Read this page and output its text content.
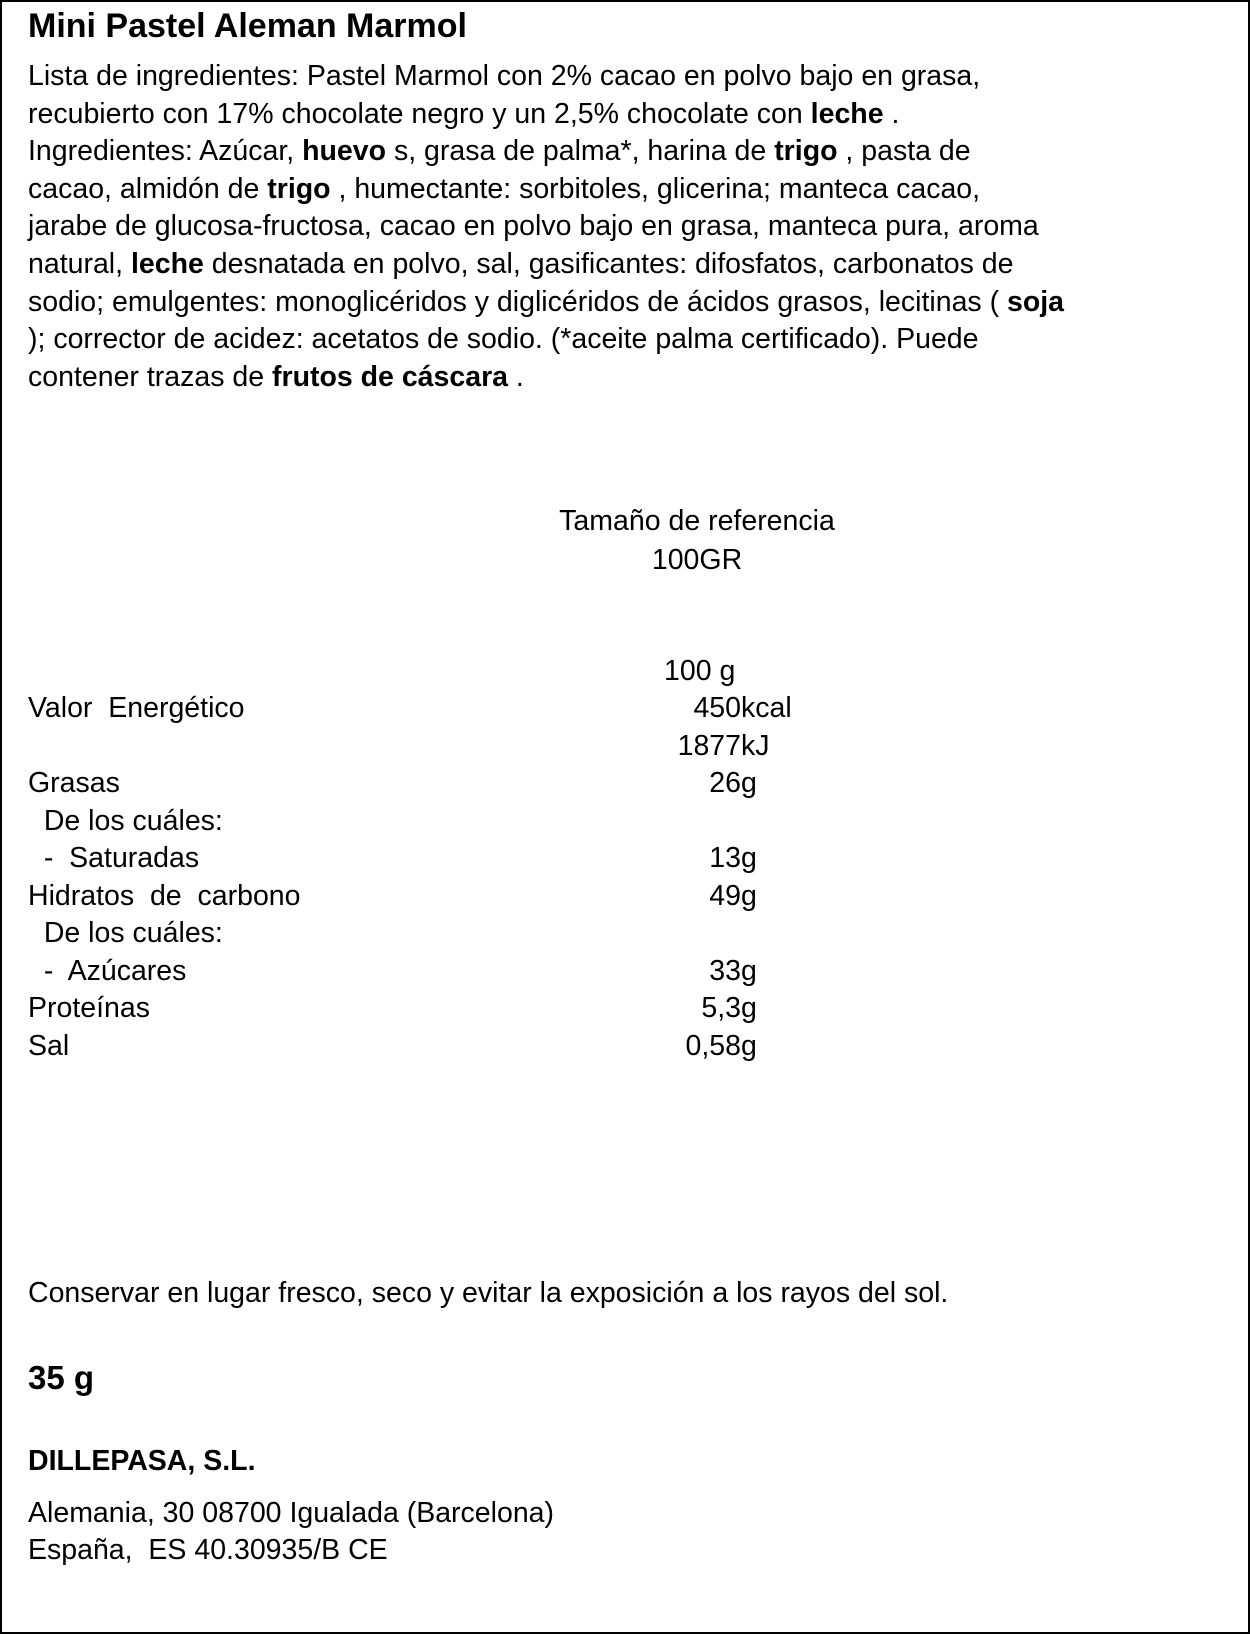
Mini Pastel Aleman Marmol
Lista de ingredientes: Pastel Marmol con 2% cacao en polvo bajo en grasa,
recubierto con 17% chocolate negro y un 2,5% chocolate con leche .
Ingredientes: Azúcar, huevo s, grasa de palma*, harina de trigo , pasta de
cacao, almidón de trigo , humectante: sorbitoles, glicerina; manteca cacao,
jarabe de glucosa-fructosa, cacao en polvo bajo en grasa, manteca pura, aroma
natural, leche desnatada en polvo, sal, gasificantes: difosfatos, carbonatos de
sodio; emulgentes: monoglicéridos y diglicéridos de ácidos grasos, lecitinas ( soja
); corrector de acidez: acetatos de sodio. (*aceite palma certificado). Puede
contener trazas de frutos de cáscara .
Tamaño de referencia
100GR
100 g
Valor  Energético	450kcal
1877kJ
Grasas	26g
De los cuáles:
-  Saturadas	13g
Hidratos  de  carbono	49g
De los cuáles:
-  Azúcares	33g
Proteínas	5,3g
Sal	0,58g
Conservar en lugar fresco, seco y evitar la exposición a los rayos del sol.
35 g
DILLEPASA, S.L.
Alemania, 30 08700 Igualada (Barcelona)
España,  ES 40.30935/B CE
